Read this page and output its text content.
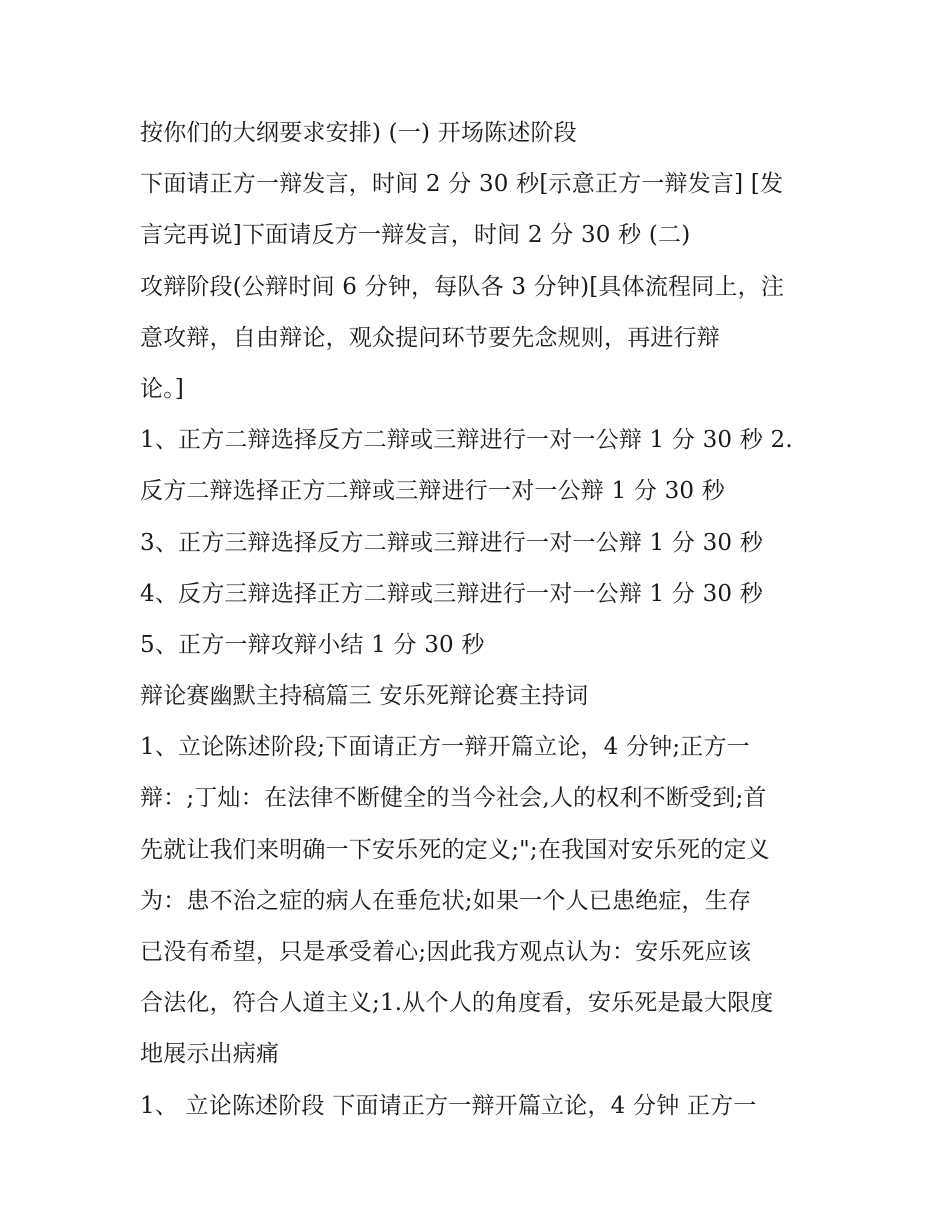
按你们的大纲要求安排) (一) 开场陈述阶段
下面请正方一辩发言，时间 2 分 30 秒[示意正方一辩发言] [发
言完再说]下面请反方一辩发言，时间 2 分 30 秒 (二)
攻辩阶段(公辩时间 6 分钟，每队各 3 分钟)[具体流程同上，注
意攻辩，自由辩论，观众提问环节要先念规则，再进行辩
论。]
1、正方二辩选择反方二辩或三辩进行一对一公辩 1 分 30 秒 2.
反方二辩选择正方二辩或三辩进行一对一公辩 1 分 30 秒
3、正方三辩选择反方二辩或三辩进行一对一公辩 1 分 30 秒
4、反方三辩选择正方二辩或三辩进行一对一公辩 1 分 30 秒
5、正方一辩攻辩小结 1 分 30 秒
辩论赛幽默主持稿篇三 安乐死辩论赛主持词
1、立论陈述阶段;下面请正方一辩开篇立论，4 分钟;正方一
辩：;丁灿：在法律不断健全的当今社会,人的权利不断受到;首
先就让我们来明确一下安乐死的定义;";在我国对安乐死的定义
为：患不治之症的病人在垂危状;如果一个人已患绝症，生存
已没有希望，只是承受着心;因此我方观点认为：安乐死应该
合法化，符合人道主义;1.从个人的角度看，安乐死是最大限度
地展示出病痛
1、 立论陈述阶段 下面请正方一辩开篇立论，4 分钟 正方一
